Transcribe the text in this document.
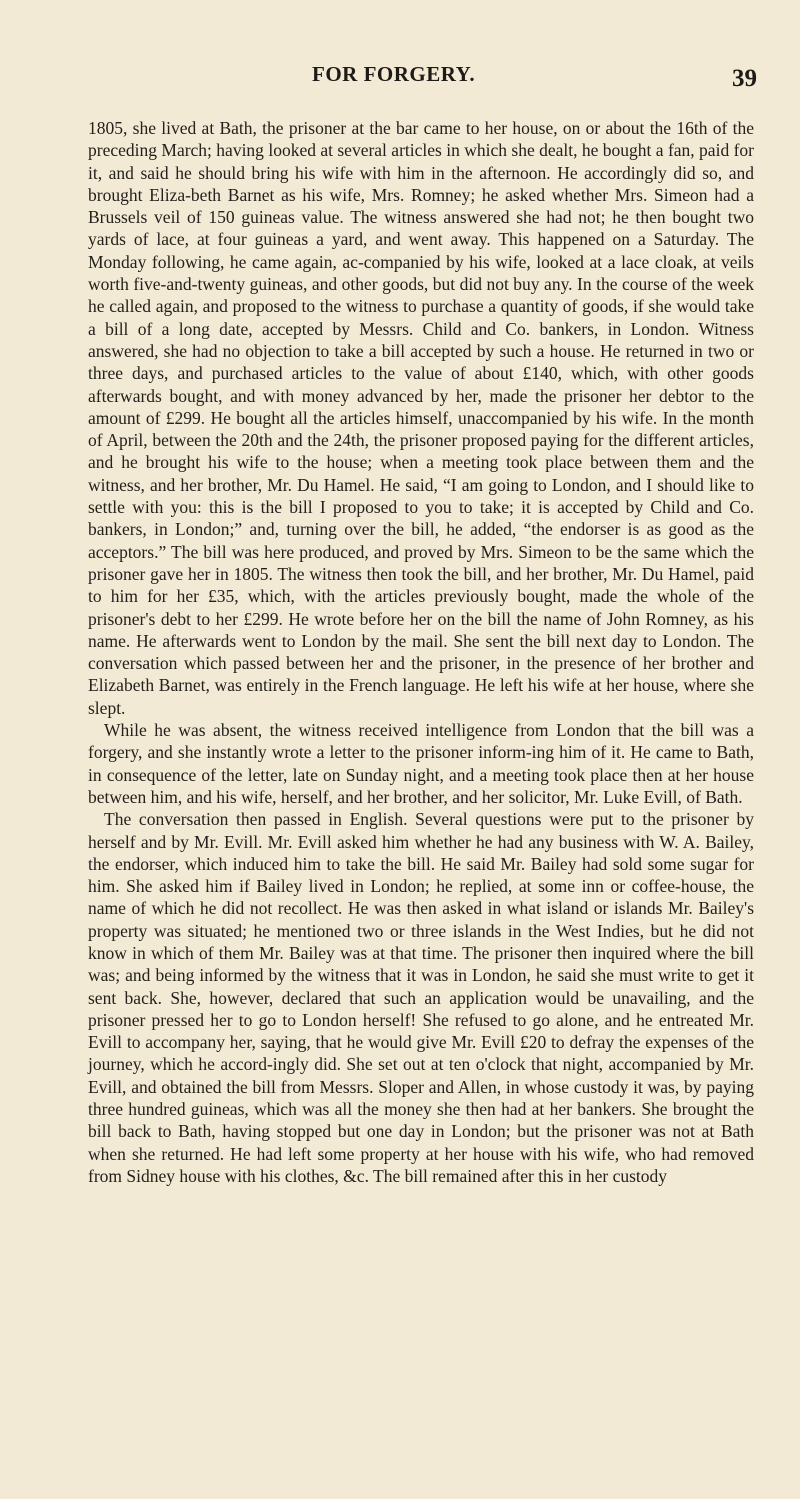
FOR FORGERY.	39

1805, she lived at Bath, the prisoner at the bar came to her house, on or about the 16th of the preceding March; having looked at several articles in which she dealt, he bought a fan, paid for it, and said he should bring his wife with him in the afternoon. He accordingly did so, and brought Eliza-beth Barnet as his wife, Mrs. Romney; he asked whether Mrs. Simeon had a Brussels veil of 150 guineas value. The witness answered she had not; he then bought two yards of lace, at four guineas a yard, and went away. This happened on a Saturday. The Monday following, he came again, ac-companied by his wife, looked at a lace cloak, at veils worth five-and-twenty guineas, and other goods, but did not buy any. In the course of the week he called again, and proposed to the witness to purchase a quantity of goods, if she would take a bill of a long date, accepted by Messrs. Child and Co. bankers, in London. Witness answered, she had no objection to take a bill accepted by such a house. He returned in two or three days, and purchased articles to the value of about £140, which, with other goods afterwards bought, and with money advanced by her, made the prisoner her debtor to the amount of £299. He bought all the articles himself, unaccompanied by his wife. In the month of April, between the 20th and the 24th, the prisoner proposed paying for the different articles, and he brought his wife to the house; when a meeting took place between them and the witness, and her brother, Mr. Du Hamel. He said, “I am going to London, and I should like to settle with you: this is the bill I proposed to you to take; it is accepted by Child and Co. bankers, in London;” and, turning over the bill, he added, “the endorser is as good as the acceptors.” The bill was here produced, and proved by Mrs. Simeon to be the same which the prisoner gave her in 1805. The witness then took the bill, and her brother, Mr. Du Hamel, paid to him for her £35, which, with the articles previously bought, made the whole of the prisoner's debt to her £299. He wrote before her on the bill the name of John Romney, as his name. He afterwards went to London by the mail. She sent the bill next day to London. The conversation which passed between her and the prisoner, in the presence of her brother and Elizabeth Barnet, was entirely in the French language. He left his wife at her house, where she slept.

While he was absent, the witness received intelligence from London that the bill was a forgery, and she instantly wrote a letter to the prisoner inform-ing him of it. He came to Bath, in consequence of the letter, late on Sunday night, and a meeting took place then at her house between him, and his wife, herself, and her brother, and her solicitor, Mr. Luke Evill, of Bath.

The conversation then passed in English. Several questions were put to the prisoner by herself and by Mr. Evill. Mr. Evill asked him whether he had any business with W. A. Bailey, the endorser, which induced him to take the bill. He said Mr. Bailey had sold some sugar for him. She asked him if Bailey lived in London; he replied, at some inn or coffee-house, the name of which he did not recollect. He was then asked in what island or islands Mr. Bailey's property was situated; he mentioned two or three islands in the West Indies, but he did not know in which of them Mr. Bailey was at that time. The prisoner then inquired where the bill was; and being informed by the witness that it was in London, he said she must write to get it sent back. She, however, declared that such an application would be unavailing, and the prisoner pressed her to go to London herself! She refused to go alone, and he entreated Mr. Evill to accompany her, saying, that he would give Mr. Evill £20 to defray the expenses of the journey, which he accord-ingly did. She set out at ten o'clock that night, accompanied by Mr. Evill, and obtained the bill from Messrs. Sloper and Allen, in whose custody it was, by paying three hundred guineas, which was all the money she then had at her bankers. She brought the bill back to Bath, having stopped but one day in London; but the prisoner was not at Bath when she returned. He had left some property at her house with his wife, who had removed from Sidney house with his clothes, &c. The bill remained after this in her custody
